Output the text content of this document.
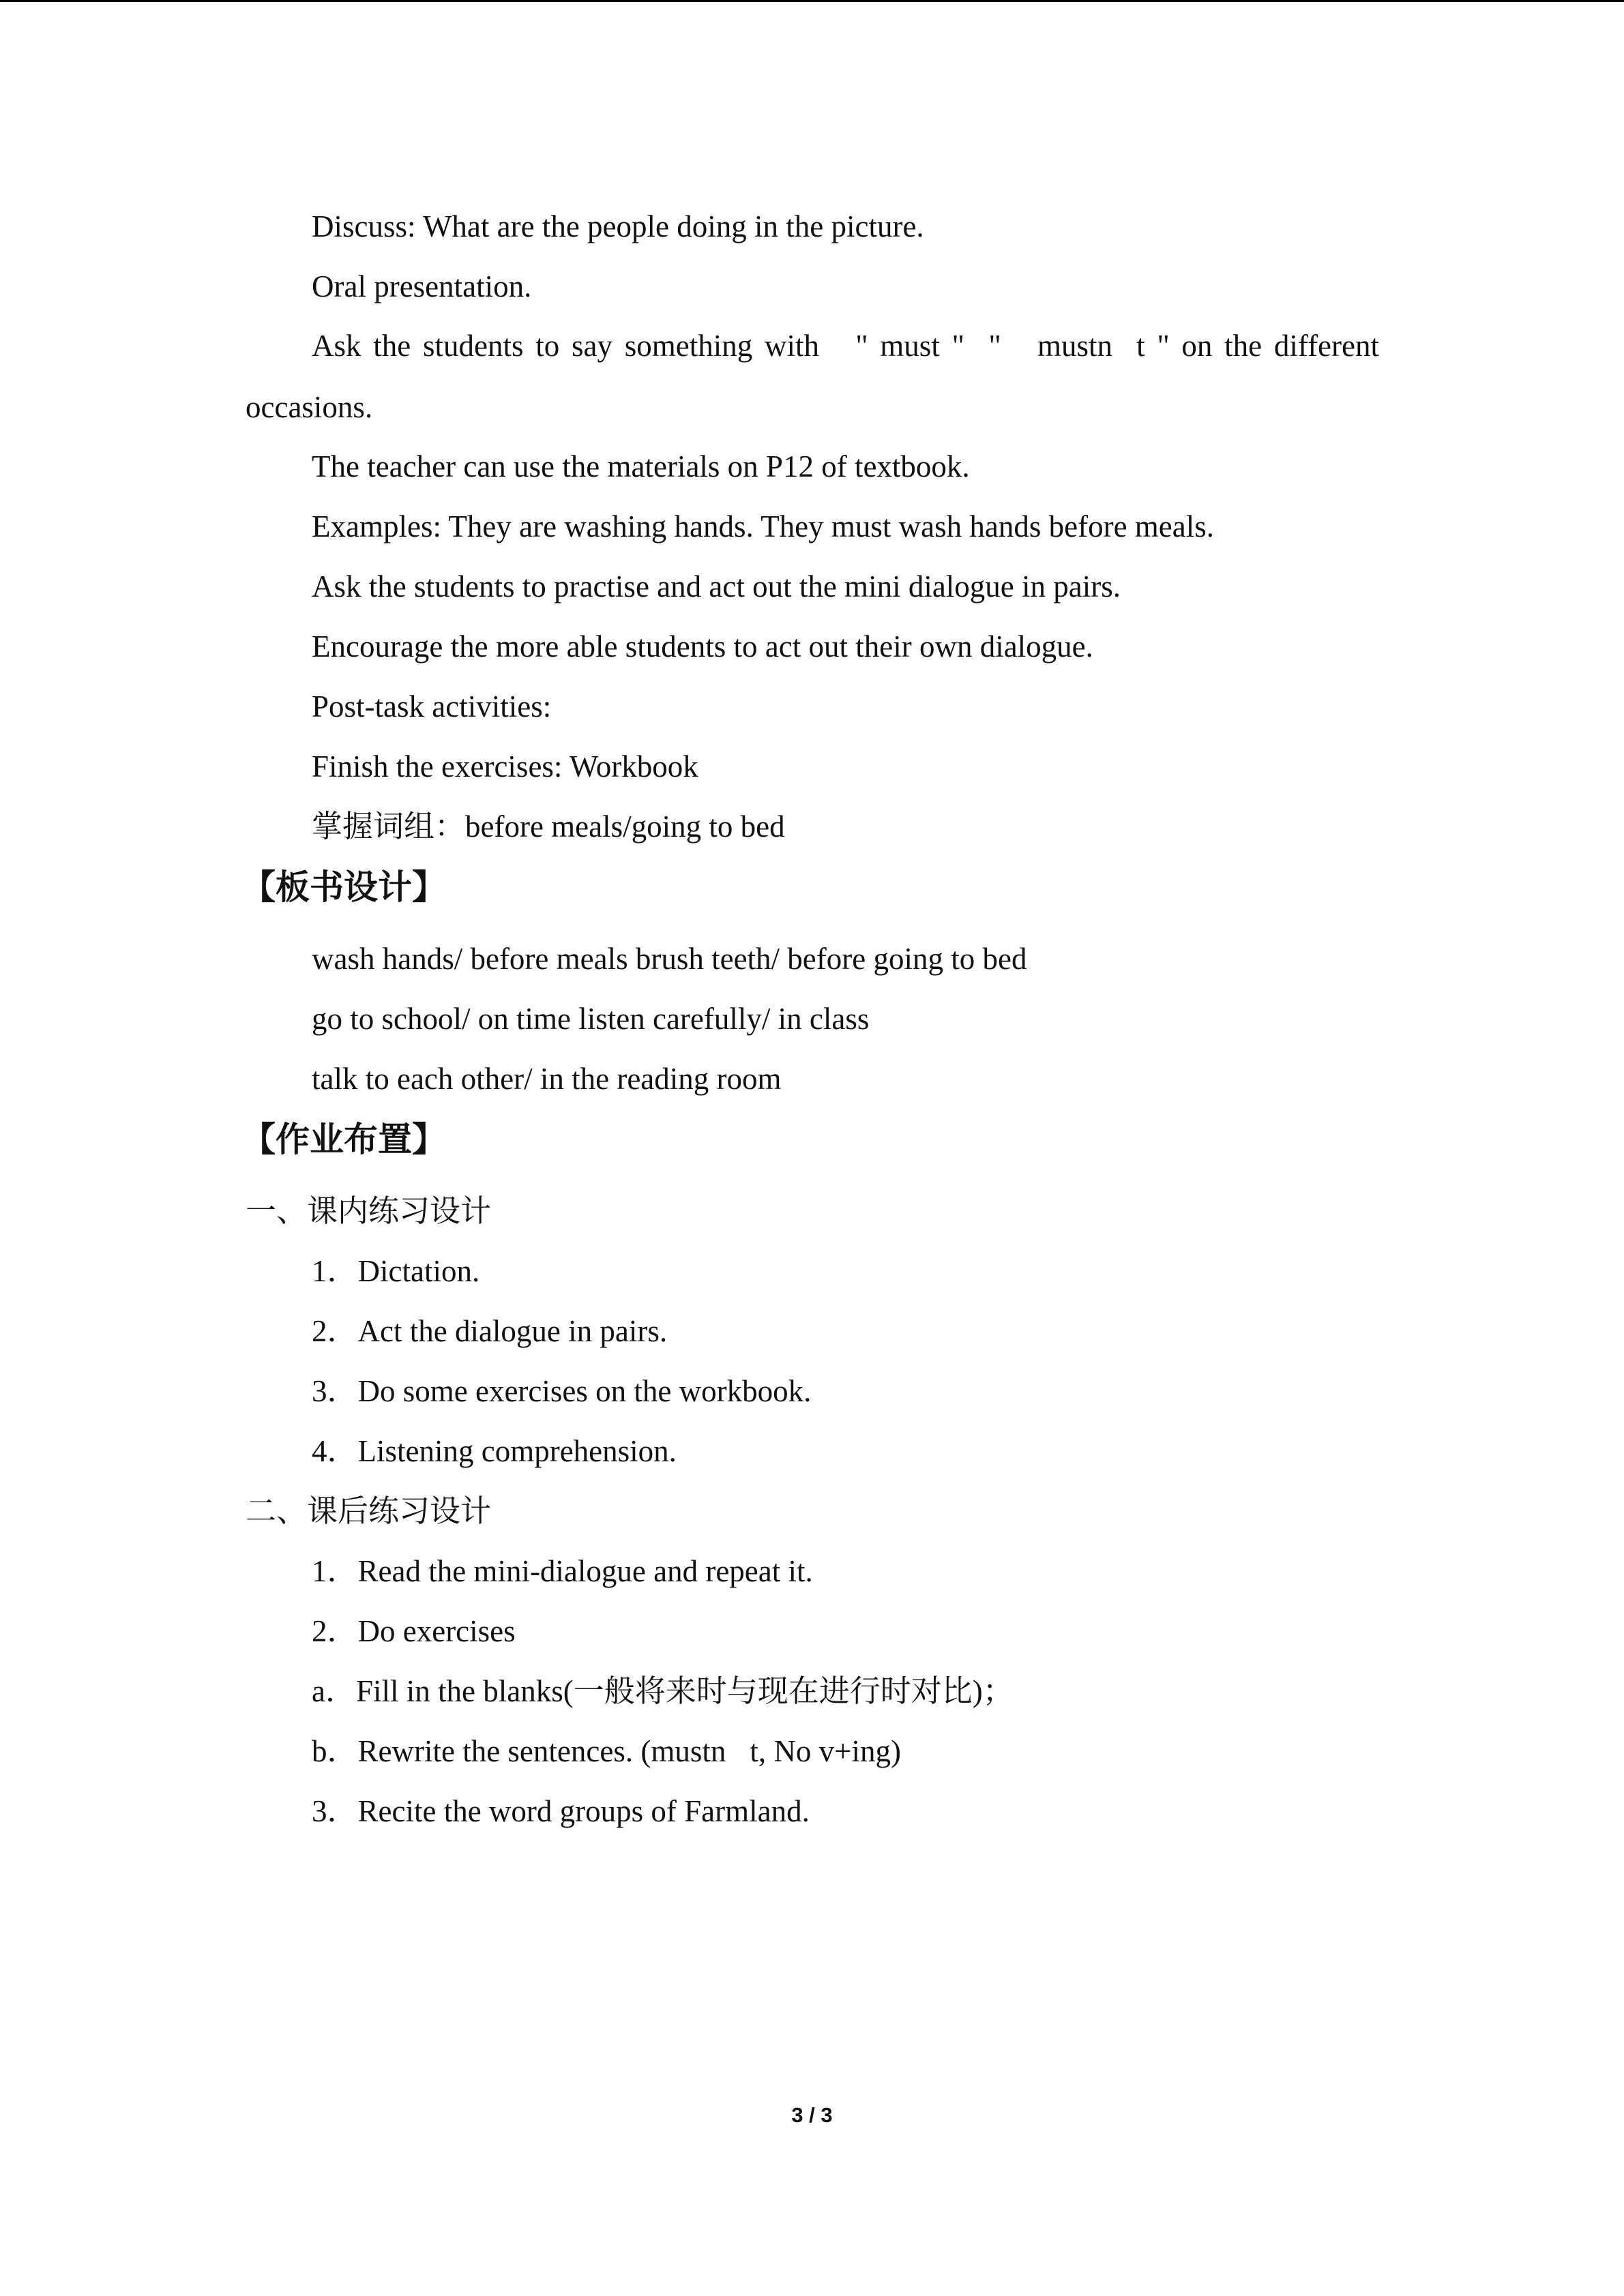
Discuss: What are the people doing in the picture.

Oral presentation.

Ask the students to say something with   " must "  "   mustn t " on the different occasions.

The teacher can use the materials on P12 of textbook.

Examples: They are washing hands. They must wash hands before meals.

Ask the students to practise and act out the mini dialogue in pairs.

Encourage the more able students to act out their own dialogue.

Post-task activities:

Finish the exercises: Workbook

掌握词组：before meals/going to bed

【板书设计】

wash hands/ before meals brush teeth/ before going to bed

go to school/ on time listen carefully/ in class

talk to each other/ in the reading room

【作业布置】
一、课内练习设计

1．Dictation.

2．Act the dialogue in pairs.

3．Do some exercises on the workbook.

4．Listening comprehension.

二、课后练习设计

1．Read the mini-dialogue and repeat it.

2．Do exercises

a．Fill in the blanks(一般将来时与现在进行时对比)；

b．Rewrite the sentences. (mustn t, No v+ing)

3．Recite the word groups of Farmland.

3 / 3
